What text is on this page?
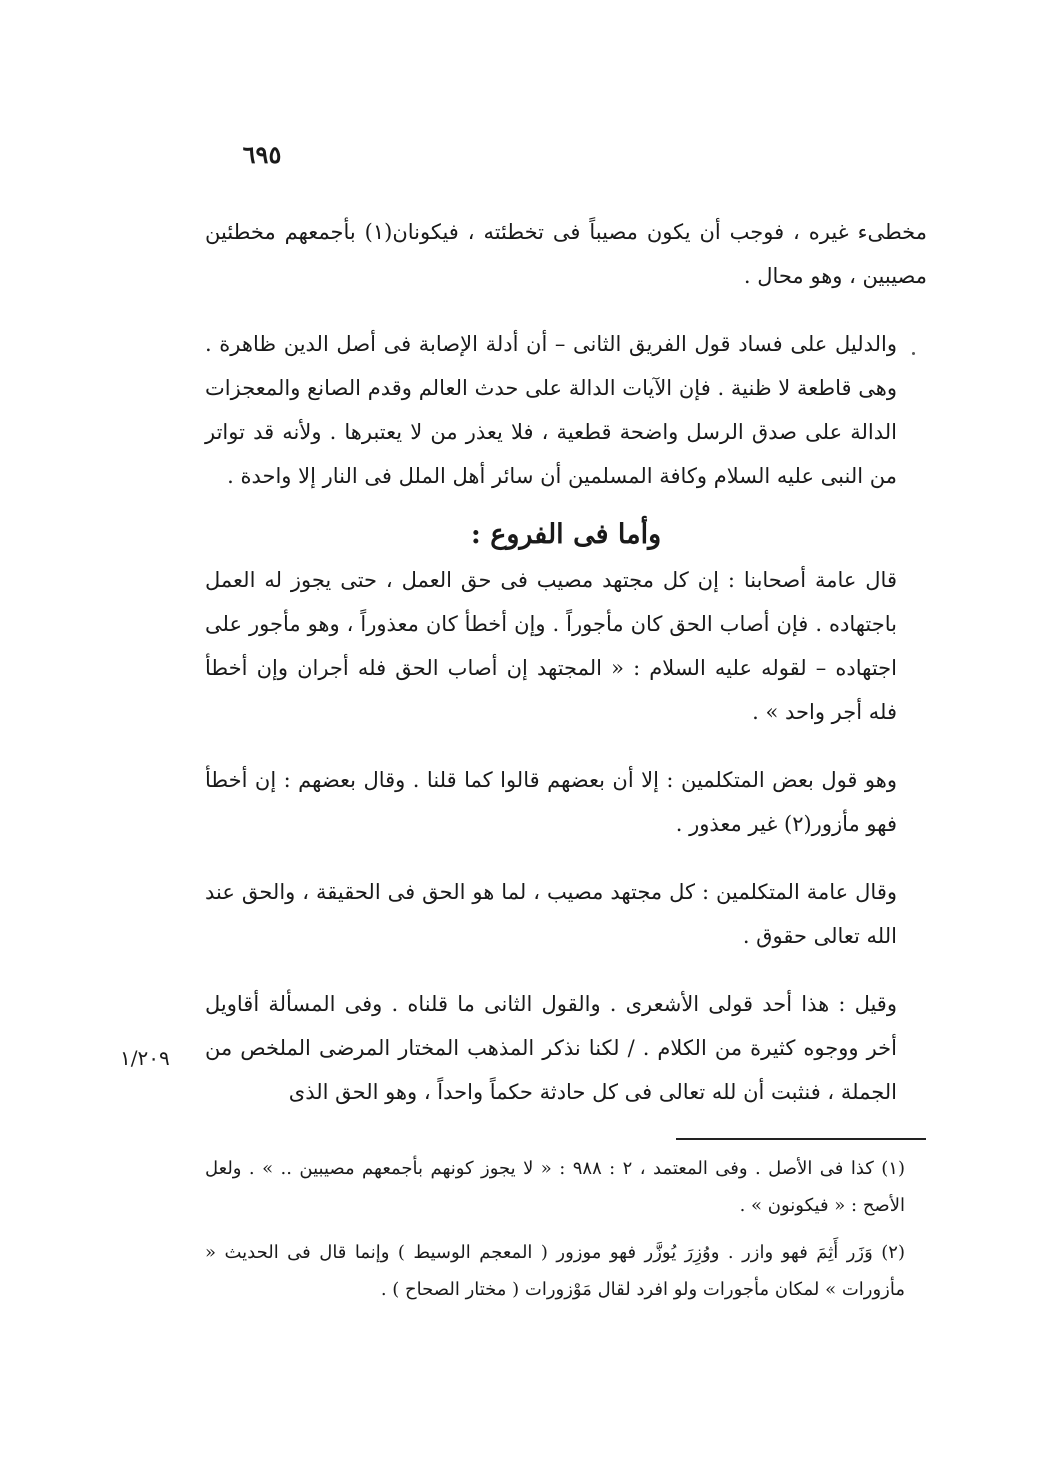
٦٩٥

مخطىء غيره ، فوجب أن يكون مصيباً فى تخطئته ، فيكونان(١) بأجمعهم مخطئين مصيبين ، وهو محال .

والدليل على فساد قول الفريق الثانى – أن أدلة الإصابة فى أصل الدين ظاهرة . وهى قاطعة لا ظنية . فإن الآيات الدالة على حدث العالم وقدم الصانع والمعجزات الدالة على صدق الرسل واضحة قطعية ، فلا يعذر من لا يعتبرها . ولأنه قد تواتر من النبى عليه السلام وكافة المسلمين أن سائر أهل الملل فى النار إلا واحدة .

وأما فى الفروع :

قال عامة أصحابنا : إن كل مجتهد مصيب فى حق العمل ، حتى يجوز له العمل باجتهاده . فإن أصاب الحق كان مأجوراً . وإن أخطأ كان معذوراً ، وهو مأجور على اجتهاده – لقوله عليه السلام : « المجتهد إن أصاب الحق فله أجران وإن أخطأ فله أجر واحد » .

وهو قول بعض المتكلمين : إلا أن بعضهم قالوا كما قلنا . وقال بعضهم : إن أخطأ فهو مأزور(٢) غير معذور .

وقال عامة المتكلمين : كل مجتهد مصيب ، لما هو الحق فى الحقيقة ، والحق عند الله تعالى حقوق .

وقيل : هذا أحد قولى الأشعرى . والقول الثانى ما قلناه . وفى المسألة أقاويل أخر ووجوه كثيرة من الكلام . / لكنا نذكر المذهب المختار المرضى الملخص من الجملة ، فنثبت أن لله تعالى فى كل حادثة حكماً واحداً ، وهو الحق الذى

١/٢٠٩

(١) كذا فى الأصل . وفى المعتمد ، ٢ : ٩٨٨ : « لا يجوز كونهم بأجمعهم مصيبين .. » . ولعل الأصح : « فيكونون » .

(٢) وَزَر أَثِمَ فهو وازر . ووُزِرَ يُوزَّر فهو موزور ( المعجم الوسيط ) وإنما قال فى الحديث « مأزورات » لمكان مأجورات ولو افرد لقال مَوْزورات ( مختار الصحاح ) .
